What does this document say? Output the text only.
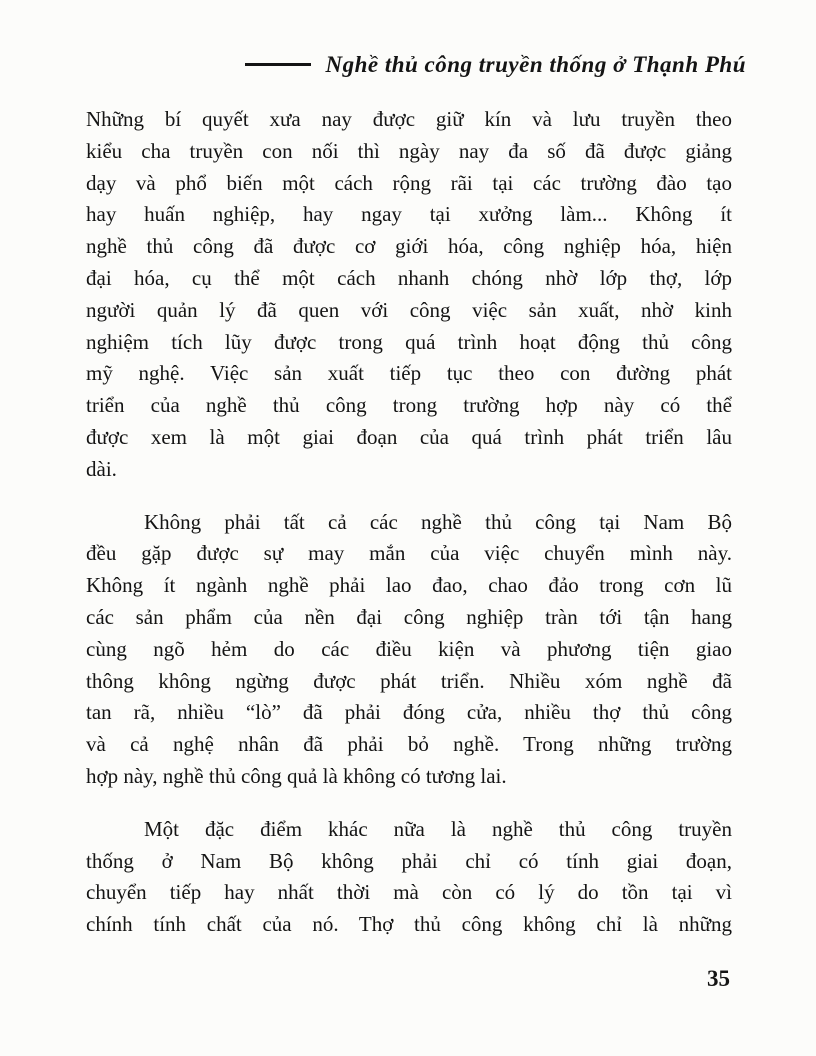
Nghề thủ công truyền thống ở Thạnh Phú

Những bí quyết xưa nay được giữ kín và lưu truyền theo
kiểu cha truyền con nối thì ngày nay đa số đã được giảng
dạy và phổ biến một cách rộng rãi tại các trường đào tạo
hay huấn nghiệp, hay ngay tại xưởng làm... Không ít
nghề thủ công đã được cơ giới hóa, công nghiệp hóa, hiện
đại hóa, cụ thể một cách nhanh chóng nhờ lớp thợ, lớp
người quản lý đã quen với công việc sản xuất, nhờ kinh
nghiệm tích lũy được trong quá trình hoạt động thủ công
mỹ nghệ. Việc sản xuất tiếp tục theo con đường phát
triển của nghề thủ công trong trường hợp này có thể
được xem là một giai đoạn của quá trình phát triển lâu
dài.

Không phải tất cả các nghề thủ công tại Nam Bộ
đều gặp được sự may mắn của việc chuyển mình này.
Không ít ngành nghề phải lao đao, chao đảo trong cơn lũ
các sản phẩm của nền đại công nghiệp tràn tới tận hang
cùng ngõ hẻm do các điều kiện và phương tiện giao
thông không ngừng được phát triển. Nhiều xóm nghề đã
tan rã, nhiều “lò” đã phải đóng cửa, nhiều thợ thủ công
và cả nghệ nhân đã phải bỏ nghề. Trong những trường
hợp này, nghề thủ công quả là không có tương lai.

Một đặc điểm khác nữa là nghề thủ công truyền
thống ở Nam Bộ không phải chỉ có tính giai đoạn,
chuyển tiếp hay nhất thời mà còn có lý do tồn tại vì
chính tính chất của nó. Thợ thủ công không chỉ là những

35
